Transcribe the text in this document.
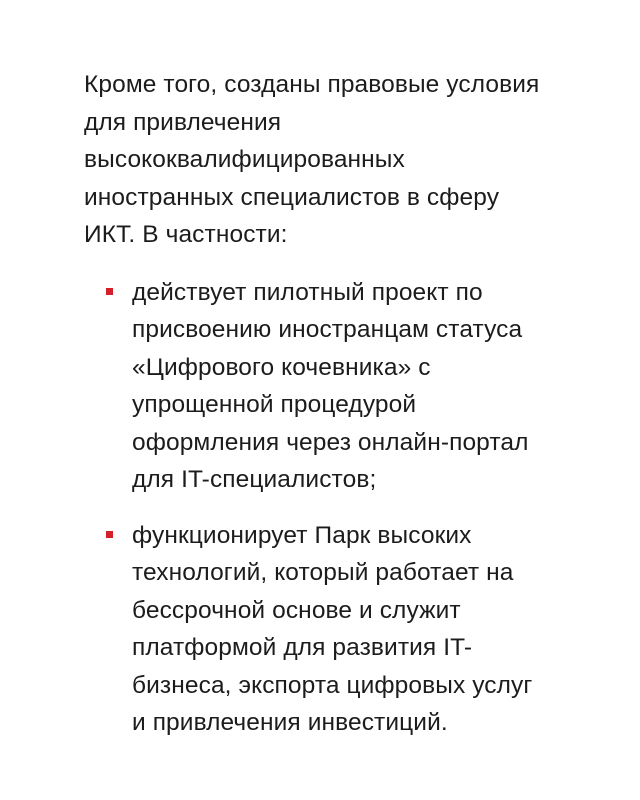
Кроме того, созданы правовые условия
для привлечения
высококвалифицированных
иностранных специалистов в сферу
ИКТ. В частности:

действует пилотный проект по
присвоению иностранцам статуса
«Цифрового кочевника» с
упрощенной процедурой
оформления через онлайн-портал
для IT-специалистов;
функционирует Парк высоких
технологий, который работает на
бессрочной основе и служит
платформой для развития IT-
бизнеса, экспорта цифровых услуг
и привлечения инвестиций.
